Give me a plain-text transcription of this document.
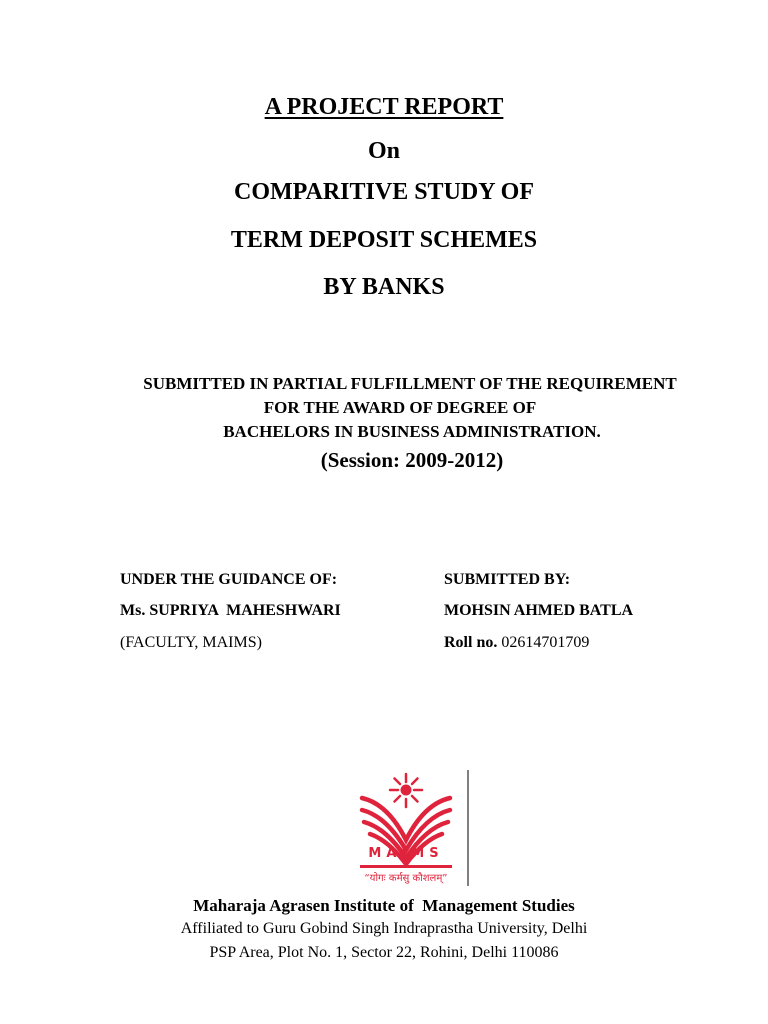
A PROJECT REPORT
On
COMPARITIVE STUDY OF
TERM DEPOSIT SCHEMES
BY BANKS
SUBMITTED IN PARTIAL FULFILLMENT OF THE REQUIREMENT
FOR THE AWARD OF DEGREE OF
BACHELORS IN BUSINESS ADMINISTRATION.
(Session: 2009-2012)
UNDER THE GUIDANCE OF:
Ms. SUPRIYA  MAHESHWARI
(FACULTY, MAIMS)
SUBMITTED BY:
MOHSIN AHMED BATLA
Roll no. 02614701709
MAIMS
“योगः कर्मसु कौशलम्”
Maharaja Agrasen Institute of  Management Studies
Affiliated to Guru Gobind Singh Indraprastha University, Delhi
PSP Area, Plot No. 1, Sector 22, Rohini, Delhi 110086
